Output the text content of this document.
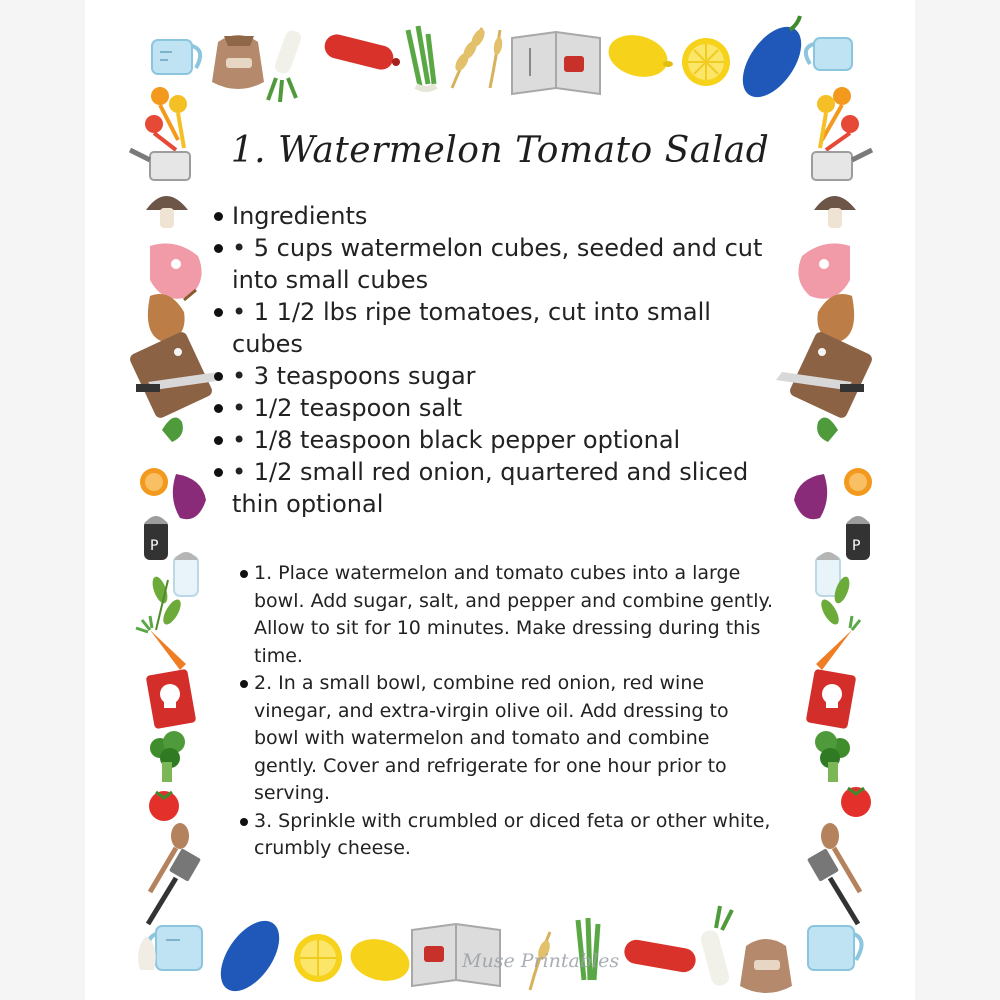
P	P
1. Watermelon Tomato Salad
Ingredients
• 5 cups watermelon cubes, seeded and cut into small cubes
• 1 1/2 lbs ripe tomatoes, cut into small cubes
• 3 teaspoons sugar
• 1/2 teaspoon salt
• 1/8 teaspoon black pepper optional
• 1/2 small red onion, quartered and sliced thin optional
1. Place watermelon and tomato cubes into a large bowl. Add sugar, salt, and pepper and combine gently. Allow to sit for 10 minutes. Make dressing during this time.
2. In a small bowl, combine red onion, red wine vinegar, and extra-virgin olive oil. Add dressing to bowl with watermelon and tomato and combine gently. Cover and refrigerate for one hour prior to serving.
3. Sprinkle with crumbled or diced feta or other white, crumbly cheese.
Muse Printables
